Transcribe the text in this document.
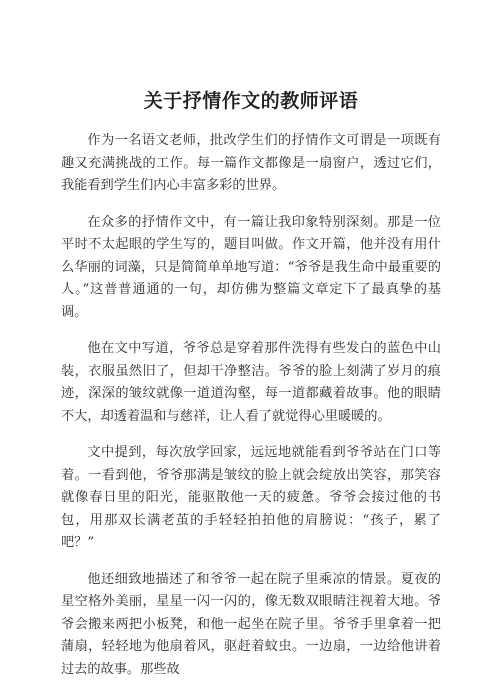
关于抒情作文的教师评语

作为一名语文老师，批改学生们的抒情作文可谓是一项既有趣又充满挑战的工作。每一篇作文都像是一扇窗户，透过它们，我能看到学生们内心丰富多彩的世界。

在众多的抒情作文中，有一篇让我印象特别深刻。那是一位平时不太起眼的学生写的，题目叫做。作文开篇，他并没有用什么华丽的词藻，只是简简单单地写道：“爷爷是我生命中最重要的人。”这普普通通的一句，却仿佛为整篇文章定下了最真挚的基调。

他在文中写道，爷爷总是穿着那件洗得有些发白的蓝色中山装，衣服虽然旧了，但却干净整洁。爷爷的脸上刻满了岁月的痕迹，深深的皱纹就像一道道沟壑，每一道都藏着故事。他的眼睛不大，却透着温和与慈祥，让人看了就觉得心里暖暖的。

文中提到，每次放学回家，远远地就能看到爷爷站在门口等着。一看到他，爷爷那满是皱纹的脸上就会绽放出笑容，那笑容就像春日里的阳光，能驱散他一天的疲惫。爷爷会接过他的书包，用那双长满老茧的手轻轻拍拍他的肩膀说：“孩子，累了吧？”

他还细致地描述了和爷爷一起在院子里乘凉的情景。夏夜的星空格外美丽，星星一闪一闪的，像无数双眼睛注视着大地。爷爷会搬来两把小板凳，和他一起坐在院子里。爷爷手里拿着一把蒲扇，轻轻地为他扇着风，驱赶着蚊虫。一边扇，一边给他讲着过去的故事。那些故
